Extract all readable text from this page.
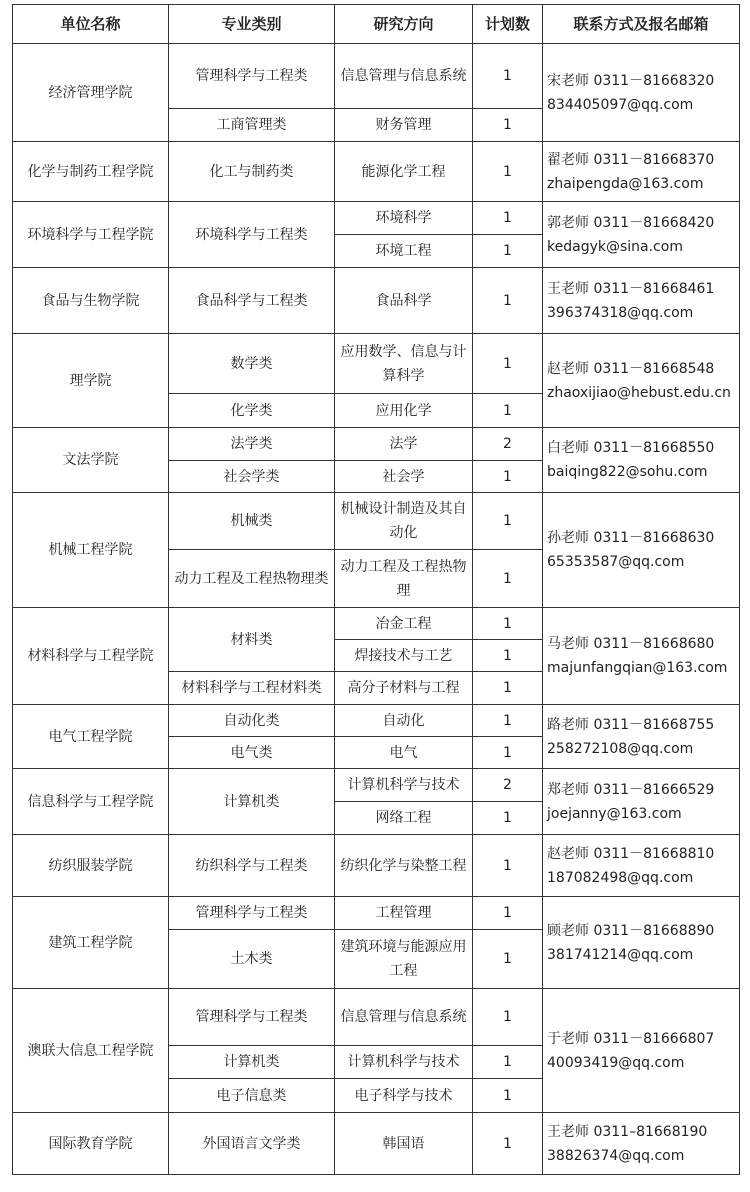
单位名称	专业类别	研究方向	计划数	联系方式及报名邮箱
经济管理学院	管理科学与工程类	信息管理与信息系统	1	宋老师 0311－81668320
834405097@qq.com

	工商管理类	财务管理	1	
化学与制药工程学院	化工与制药类	能源化学工程	1	翟老师 0311－81668370
zhaipengda@163.com

环境科学与工程学院	环境科学与工程类	环境科学	1	郭老师 0311－81668420
kedagyk@sina.com

		环境工程	1	
食品与生物学院	食品科学与工程类	食品科学	1	王老师 0311－81668461
396374318@qq.com

理学院	数学类	应用数学、信息与计算科学	1	赵老师 0311－81668548
zhaoxijiao@hebust.edu.cn

	化学类	应用化学	1	
文法学院	法学类	法学	2	白老师 0311－81668550
baiqing822@sohu.com

	社会学类	社会学	1	
机械工程学院	机械类	机械设计制造及其自动化	1	孙老师 0311－81668630
65353587@qq.com

	动力工程及工程热物理类	动力工程及工程热物理	1	
材料科学与工程学院	材料类	冶金工程	1	马老师 0311－81668680
majunfangqian@163.com

		焊接技术与工艺	1	
	材料科学与工程材料类	高分子材料与工程	1	
电气工程学院	自动化类	自动化	1	路老师 0311－81668755
258272108@qq.com

	电气类	电气	1	
信息科学与工程学院	计算机类	计算机科学与技术	2	郑老师 0311－81666529
joejanny@163.com

		网络工程	1	
纺织服装学院	纺织科学与工程类	纺织化学与染整工程	1	赵老师 0311－81668810
187082498@qq.com

建筑工程学院	管理科学与工程类	工程管理	1	顾老师 0311－81668890
381741214@qq.com

	土木类	建筑环境与能源应用工程	1	
澳联大信息工程学院	管理科学与工程类	信息管理与信息系统	1	于老师 0311－81666807
40093419@qq.com

	计算机类	计算机科学与技术	1	
	电子信息类	电子科学与技术	1	
国际教育学院	外国语言文学类	韩国语	1	王老师 0311–81668190
38826374@qq.com
